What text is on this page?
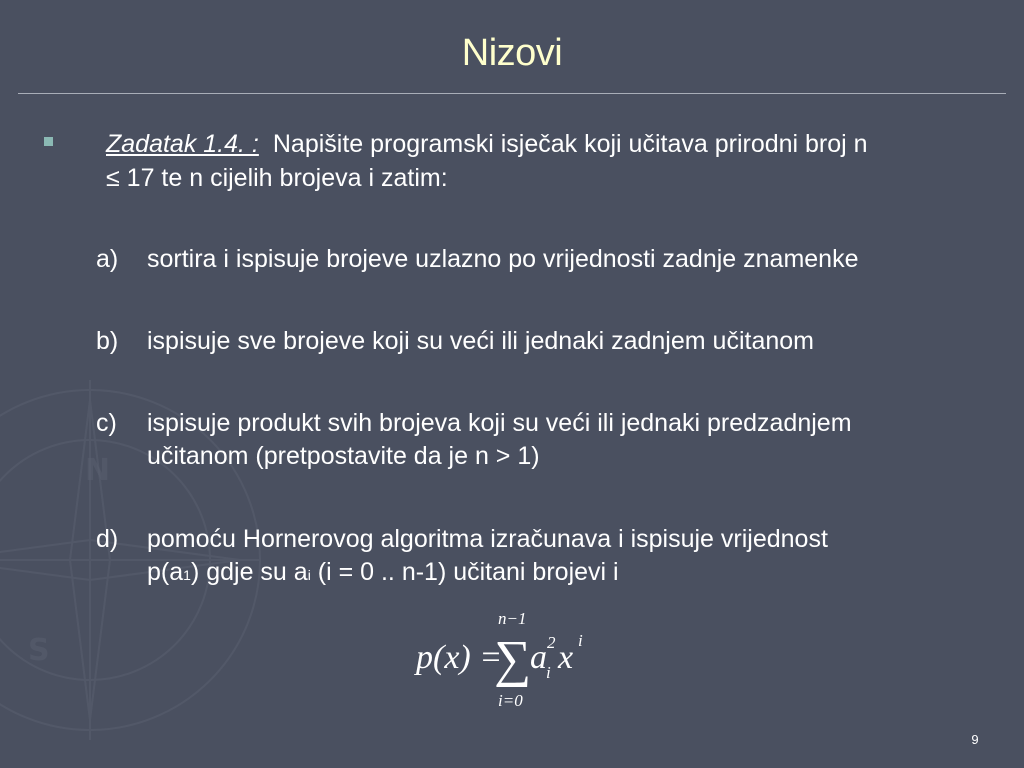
N
S
Nizovi
Zadatak 1.4. : Napišite programski isječak koji učitava prirodni broj n
≤ 17 te n cijelih brojeva i zatim:
a) sortira i ispisuje brojeve uzlazno po vrijednosti zadnje znamenke
b) ispisuje sve brojeve koji su veći ili jednaki zadnjem učitanom
c) ispisuje produkt svih brojeva koji su veći ili jednaki predzadnjem
učitanom (pretpostavite da je n > 1)
d) pomoću Hornerovog algoritma izračunava i ispisuje vrijednost
p(a1) gdje su ai (i = 0 .. n-1) učitani brojevi i
p(x) =
n−1
∑
i=0
a 2
i x i
9
